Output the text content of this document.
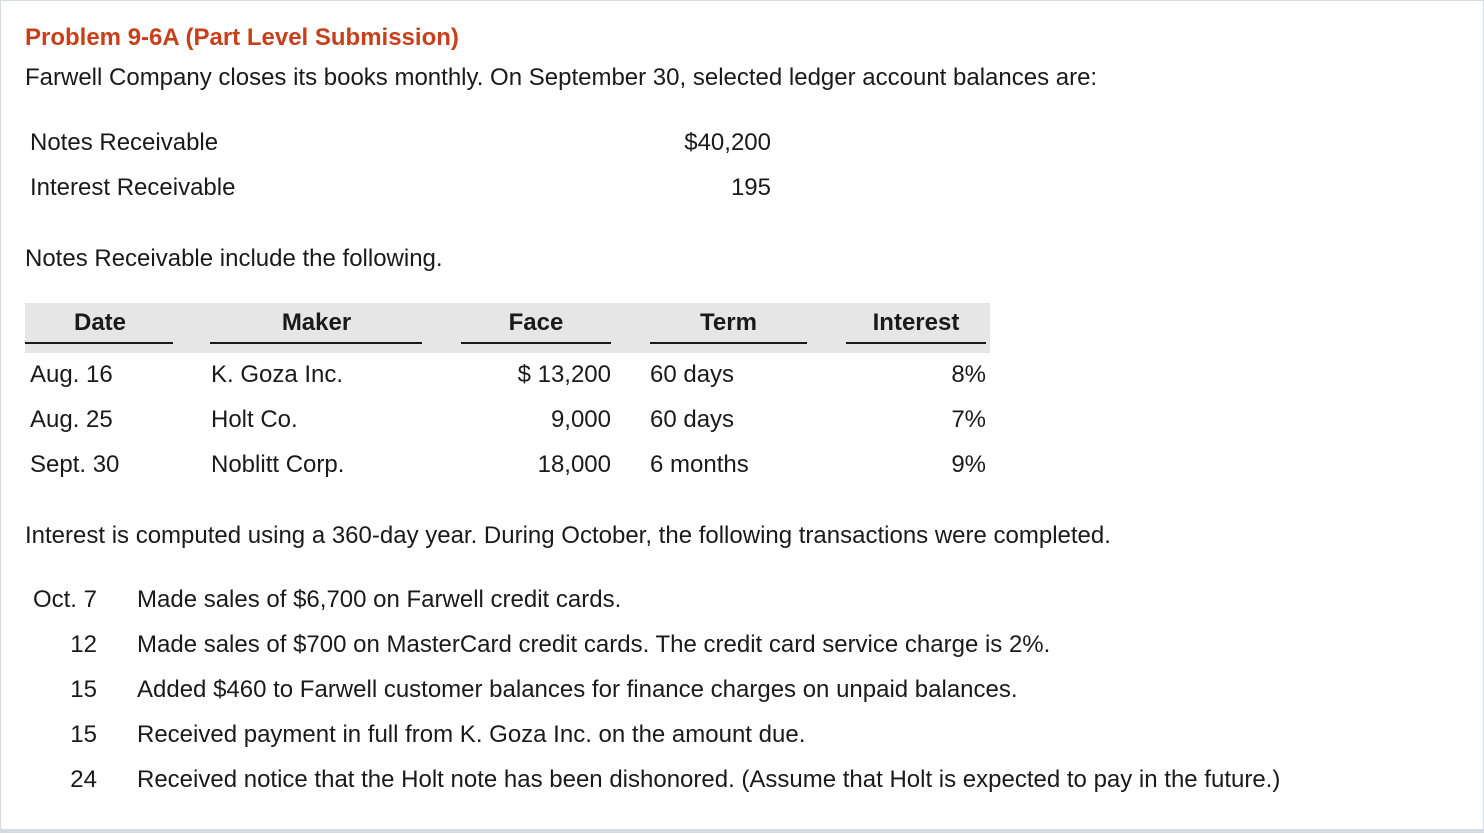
Problem 9-6A (Part Level Submission)
Farwell Company closes its books monthly. On September 30, selected ledger account balances are:
Notes Receivable	$40,200
Interest Receivable	195
Notes Receivable include the following.
Date	Maker	Face	Term	Interest
Aug. 16	K. Goza Inc.	$ 13,200 60 days	8%
Aug. 25	Holt Co.	9,000 60 days	7%
Sept. 30	Noblitt Corp.	18,000 6 months	9%
Interest is computed using a 360-day year. During October, the following transactions were completed.
Oct. 7 Made sales of $6,700 on Farwell credit cards.
12 Made sales of $700 on MasterCard credit cards. The credit card service charge is 2%.
15 Added $460 to Farwell customer balances for finance charges on unpaid balances.
15 Received payment in full from K. Goza Inc. on the amount due.
24 Received notice that the Holt note has been dishonored. (Assume that Holt is expected to pay in the future.)
